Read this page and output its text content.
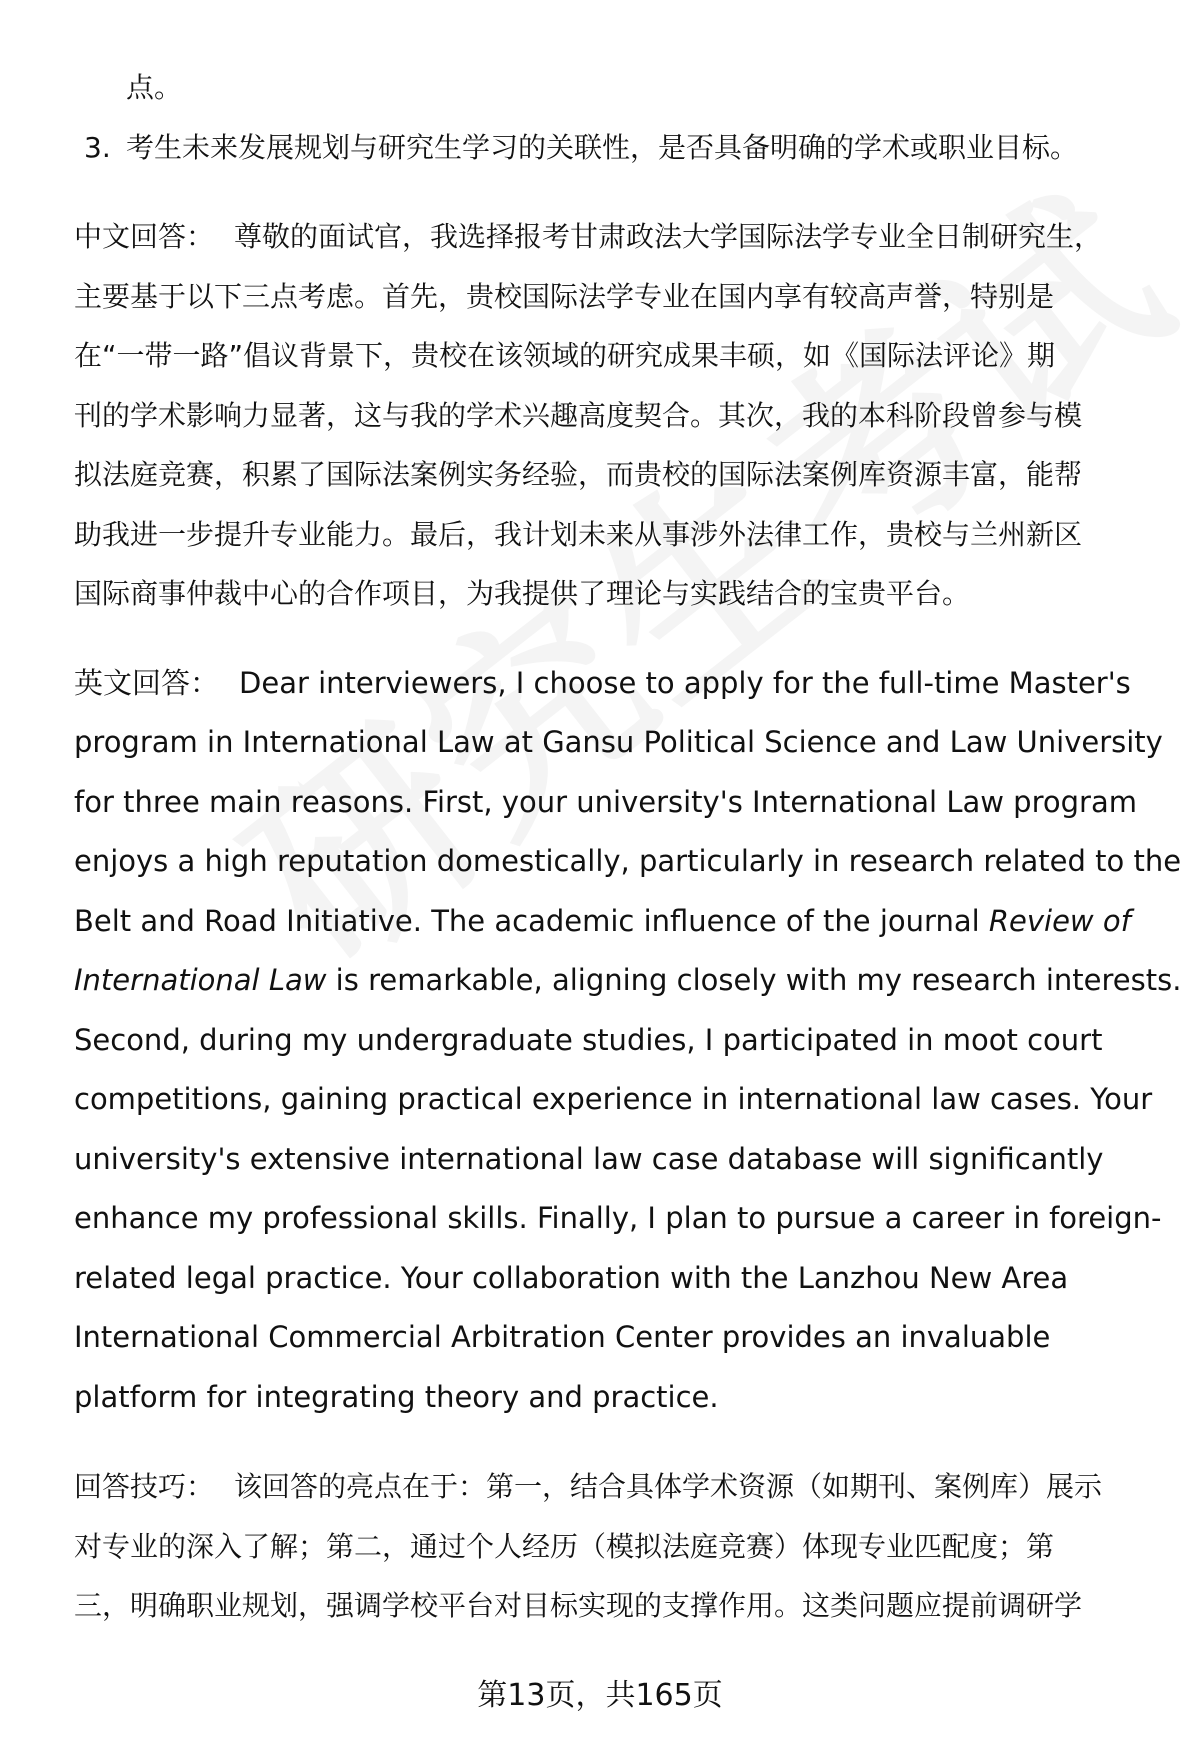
点。
3. 考生未来发展规划与研究生学习的关联性，是否具备明确的学术或职业目标。
中文回答： 尊敬的面试官，我选择报考甘肃政法大学国际法学专业全日制研究生，
主要基于以下三点考虑。首先，贵校国际法学专业在国内享有较高声誉，特别是
在“一带一路”倡议背景下，贵校在该领域的研究成果丰硕，如《国际法评论》期
刊的学术影响力显著，这与我的学术兴趣高度契合。其次，我的本科阶段曾参与模
拟法庭竞赛，积累了国际法案例实务经验，而贵校的国际法案例库资源丰富，能帮
助我进一步提升专业能力。最后，我计划未来从事涉外法律工作，贵校与兰州新区
国际商事仲裁中心的合作项目，为我提供了理论与实践结合的宝贵平台。
英文回答： Dear interviewers, I choose to apply for the full-time Master's
program in International Law at Gansu Political Science and Law University
for three main reasons. First, your university's International Law program
enjoys a high reputation domestically, particularly in research related to the
Belt and Road Initiative. The academic influence of the journal Review of
International Law is remarkable, aligning closely with my research interests.
Second, during my undergraduate studies, I participated in moot court
competitions, gaining practical experience in international law cases. Your
university's extensive international law case database will significantly
enhance my professional skills. Finally, I plan to pursue a career in foreign-
related legal practice. Your collaboration with the Lanzhou New Area
International Commercial Arbitration Center provides an invaluable
platform for integrating theory and practice.
回答技巧： 该回答的亮点在于：第一，结合具体学术资源（如期刊、案例库）展示
对专业的深入了解；第二，通过个人经历（模拟法庭竞赛）体现专业匹配度；第
三，明确职业规划，强调学校平台对目标实现的支撑作用。这类问题应提前调研学
第13页，共165页
